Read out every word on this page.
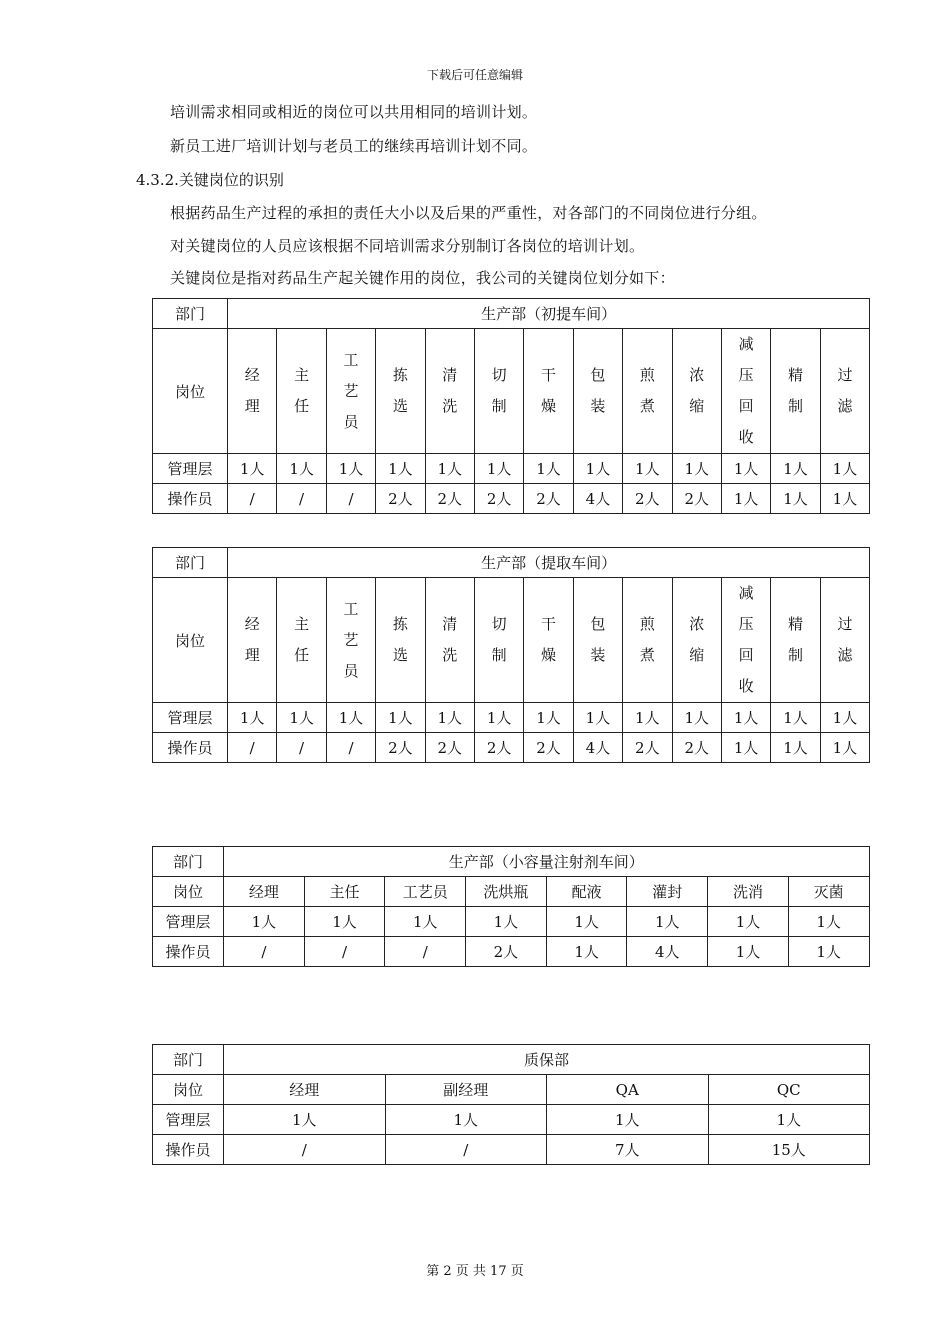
下载后可任意编辑
培训需求相同或相近的岗位可以共用相同的培训计划。
新员工进厂培训计划与老员工的继续再培训计划不同。
4.3.2.关键岗位的识别
根据药品生产过程的承担的责任大小以及后果的严重性，对各部门的不同岗位进行分组。
对关键岗位的人员应该根据不同培训需求分别制订各岗位的培训计划。
关键岗位是指对药品生产起关键作用的岗位，我公司的关键岗位划分如下：
部门	生产部（初提车间）												
岗位	经理	主任	工艺员	拣选	清洗	切制	干燥	包装	煎煮	浓缩	减压回收	精制	过滤
管理层	1人	1人	1人	1人	1人	1人	1人	1人	1人	1人	1人	1人	1人
操作员	/	/	/	2人	2人	2人	2人	4人	2人	2人	1人	1人	1人
部门	生产部（提取车间）												
岗位	经理	主任	工艺员	拣选	清洗	切制	干燥	包装	煎煮	浓缩	减压回收	精制	过滤
管理层	1人	1人	1人	1人	1人	1人	1人	1人	1人	1人	1人	1人	1人
操作员	/	/	/	2人	2人	2人	2人	4人	2人	2人	1人	1人	1人
部门	生产部（小容量注射剂车间）							
岗位	经理	主任	工艺员	洗烘瓶	配液	灌封	洗消	灭菌
管理层	1人	1人	1人	1人	1人	1人	1人	1人
操作员	/	/	/	2人	1人	4人	1人	1人
部门	质保部			
岗位	经理	副经理	QA	QC
管理层	1人	1人	1人	1人
操作员	/	/	7人	15人
第 2 页 共 17 页
